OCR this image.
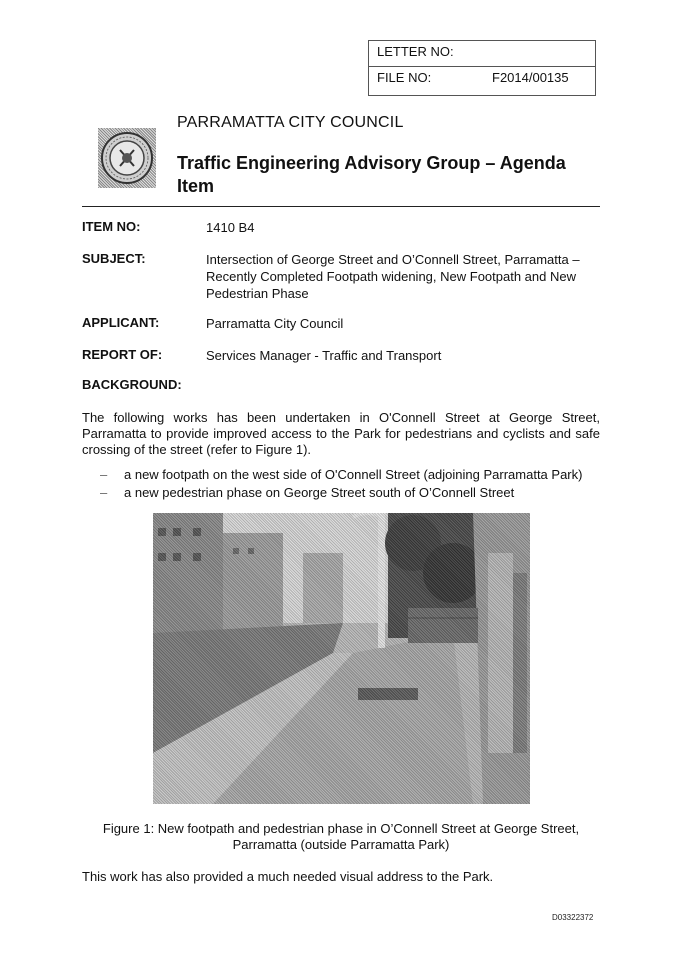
LETTER NO:
FILE NO:	F2014/00135
PARRAMATTA CITY COUNCIL
Traffic Engineering Advisory Group – Agenda Item
ITEM NO:	1410 B4
SUBJECT:	Intersection of George Street and O’Connell Street, Parramatta – Recently Completed Footpath widening, New Footpath and New Pedestrian Phase
APPLICANT:	Parramatta City Council
REPORT OF:	Services Manager - Traffic and Transport
BACKGROUND:
The following works has been undertaken in O'Connell Street at George Street, Parramatta to provide improved access to the Park for pedestrians and cyclists and safe crossing of the street (refer to Figure 1).
– a new footpath on the west side of O'Connell Street (adjoining Parramatta Park)
– a new pedestrian phase on George Street south of O’Connell Street
Figure 1: New footpath and pedestrian phase in O’Connell Street at George Street, Parramatta (outside Parramatta Park)
This work has also provided a much needed visual address to the Park.
D03322372
